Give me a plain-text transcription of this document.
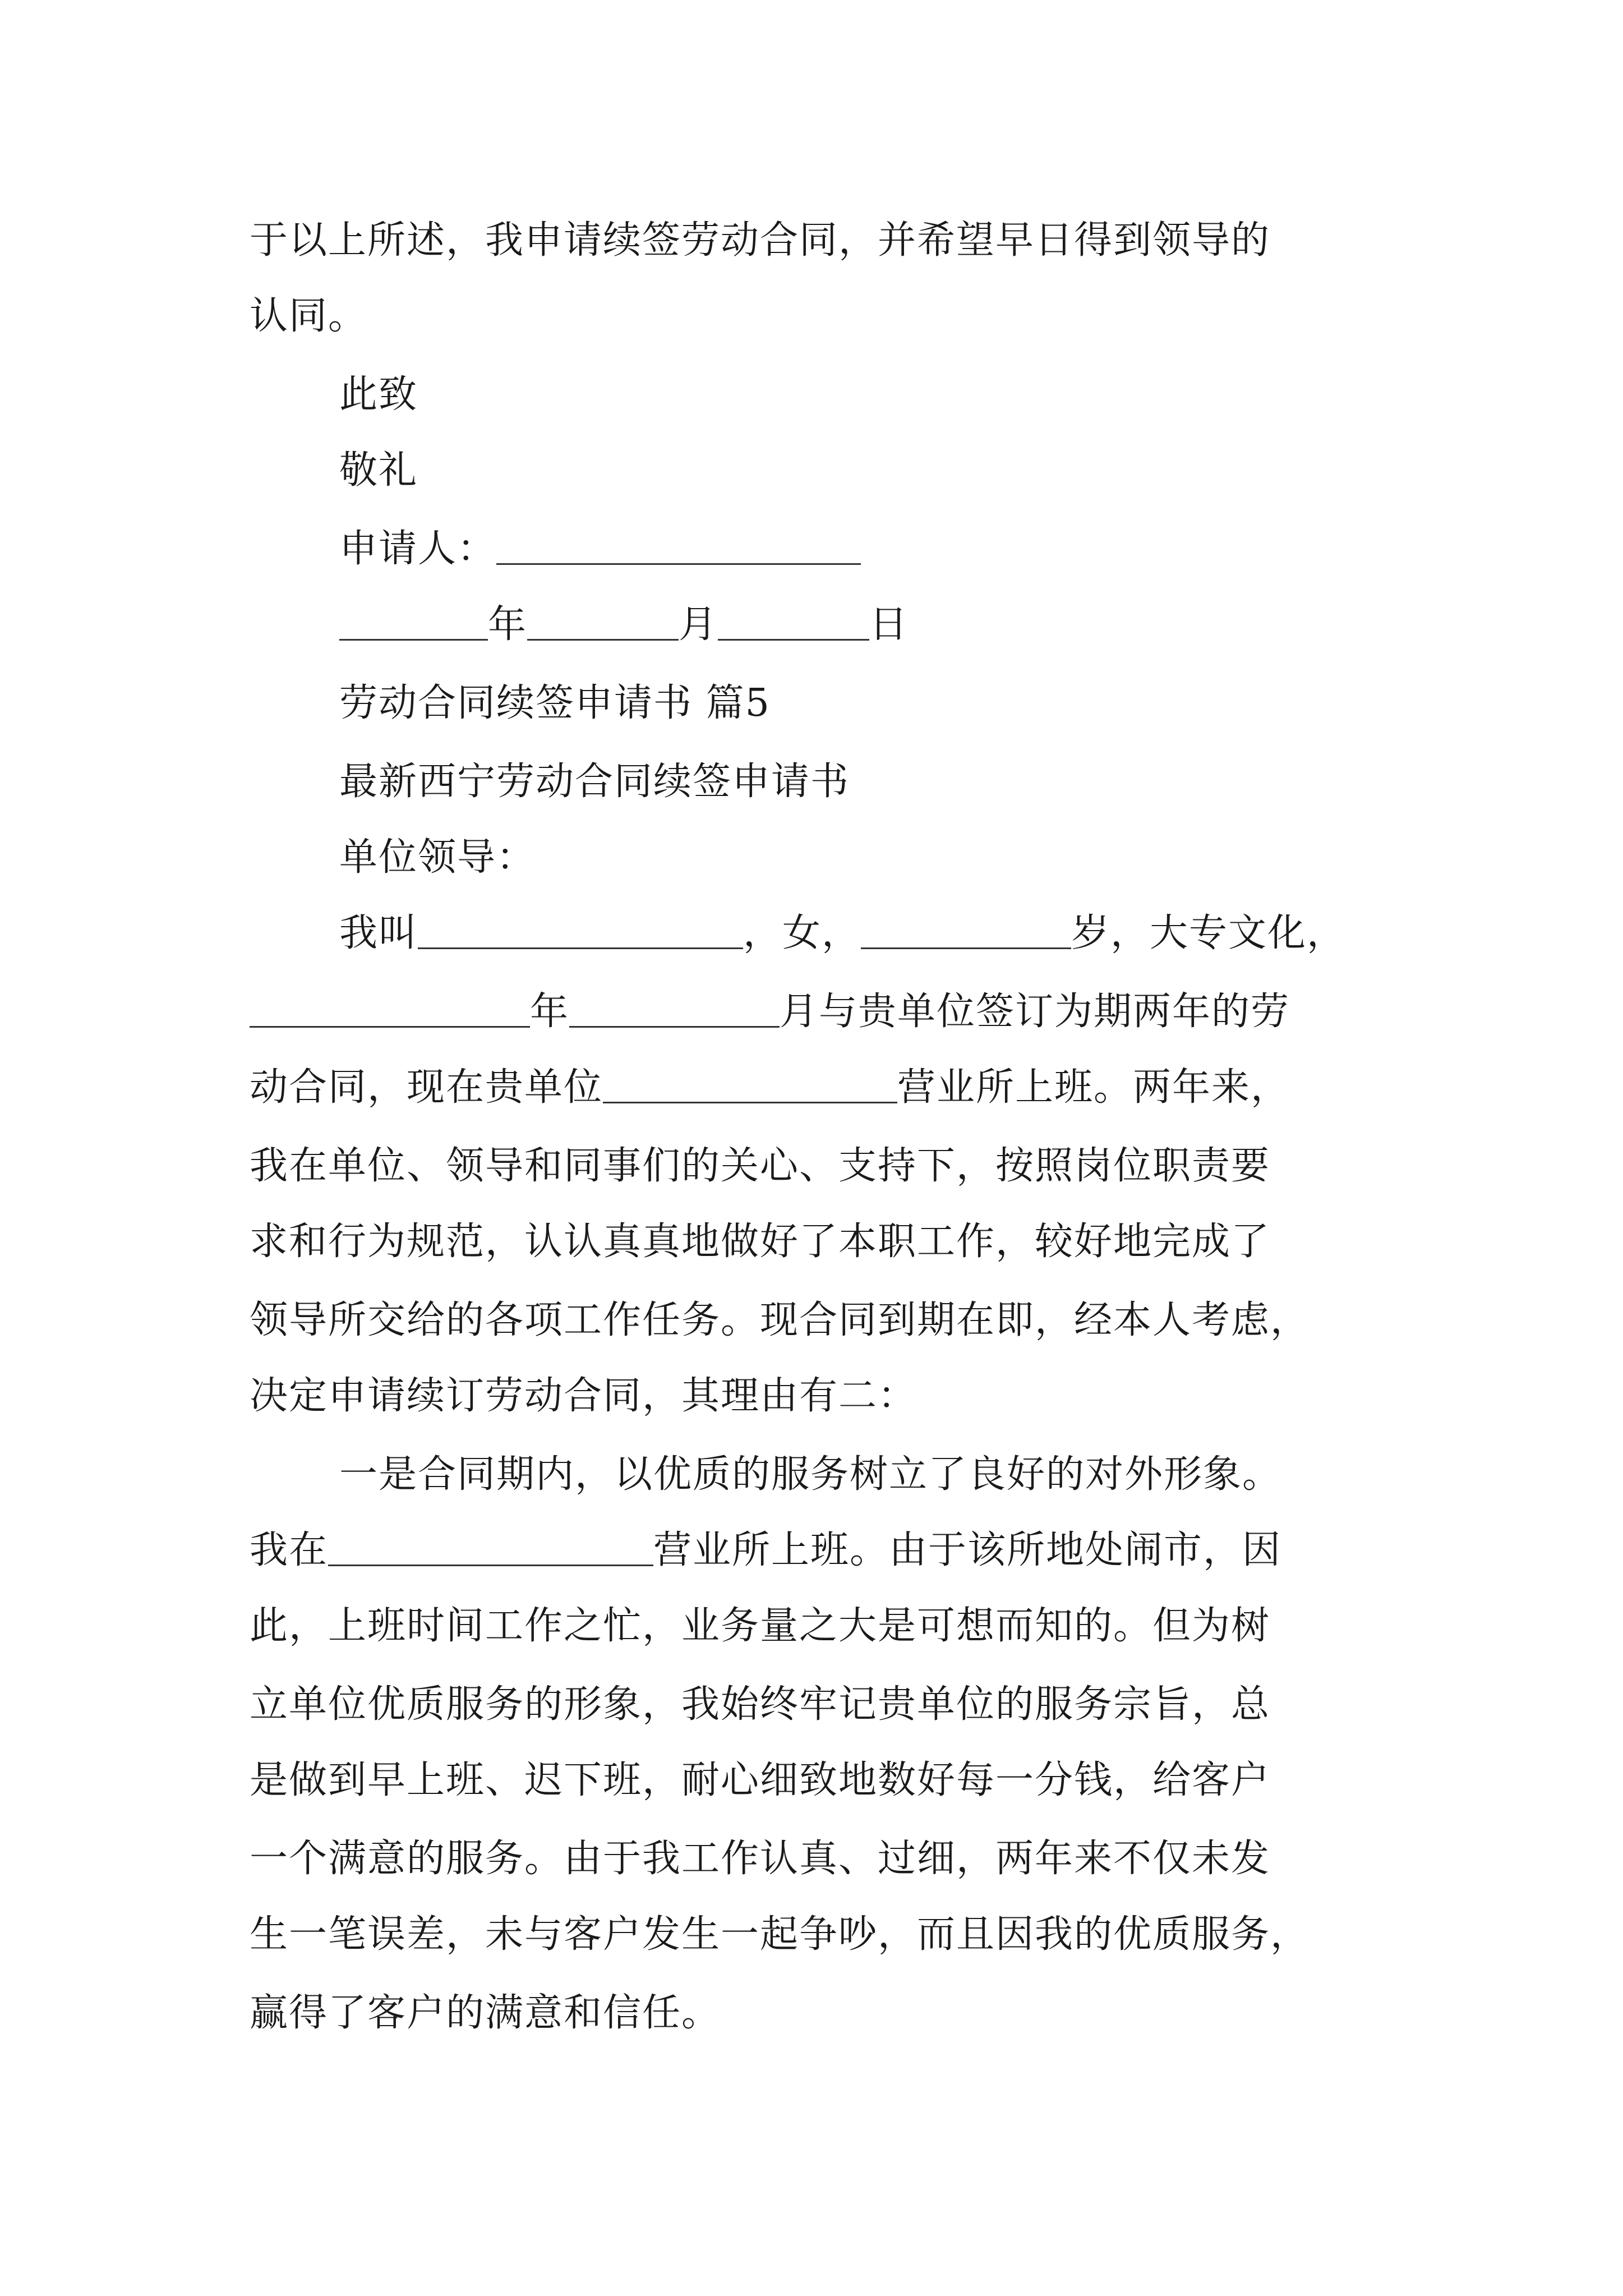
于以上所述，我申请续签劳动合同，并希望早日得到领导的
认同。
此致
敬礼
申请人：
年	月	日
劳动合同续签申请书 篇5
最新西宁劳动合同续签申请书
单位领导：
我叫	，女，	岁，大专文化，
年	月与贵单位签订为期两年的劳
动合同，现在贵单位	营业所上班。两年来，
我在单位、领导和同事们的关心、支持下，按照岗位职责要
求和行为规范，认认真真地做好了本职工作，较好地完成了
领导所交给的各项工作任务。现合同到期在即，经本人考虑，
决定申请续订劳动合同，其理由有二：
一是合同期内，以优质的服务树立了良好的对外形象。
我在	营业所上班。由于该所地处闹市，因
此，上班时间工作之忙，业务量之大是可想而知的。但为树
立单位优质服务的形象，我始终牢记贵单位的服务宗旨，总
是做到早上班、迟下班，耐心细致地数好每一分钱，给客户
一个满意的服务。由于我工作认真、过细，两年来不仅未发
生一笔误差，未与客户发生一起争吵，而且因我的优质服务，
赢得了客户的满意和信任。
